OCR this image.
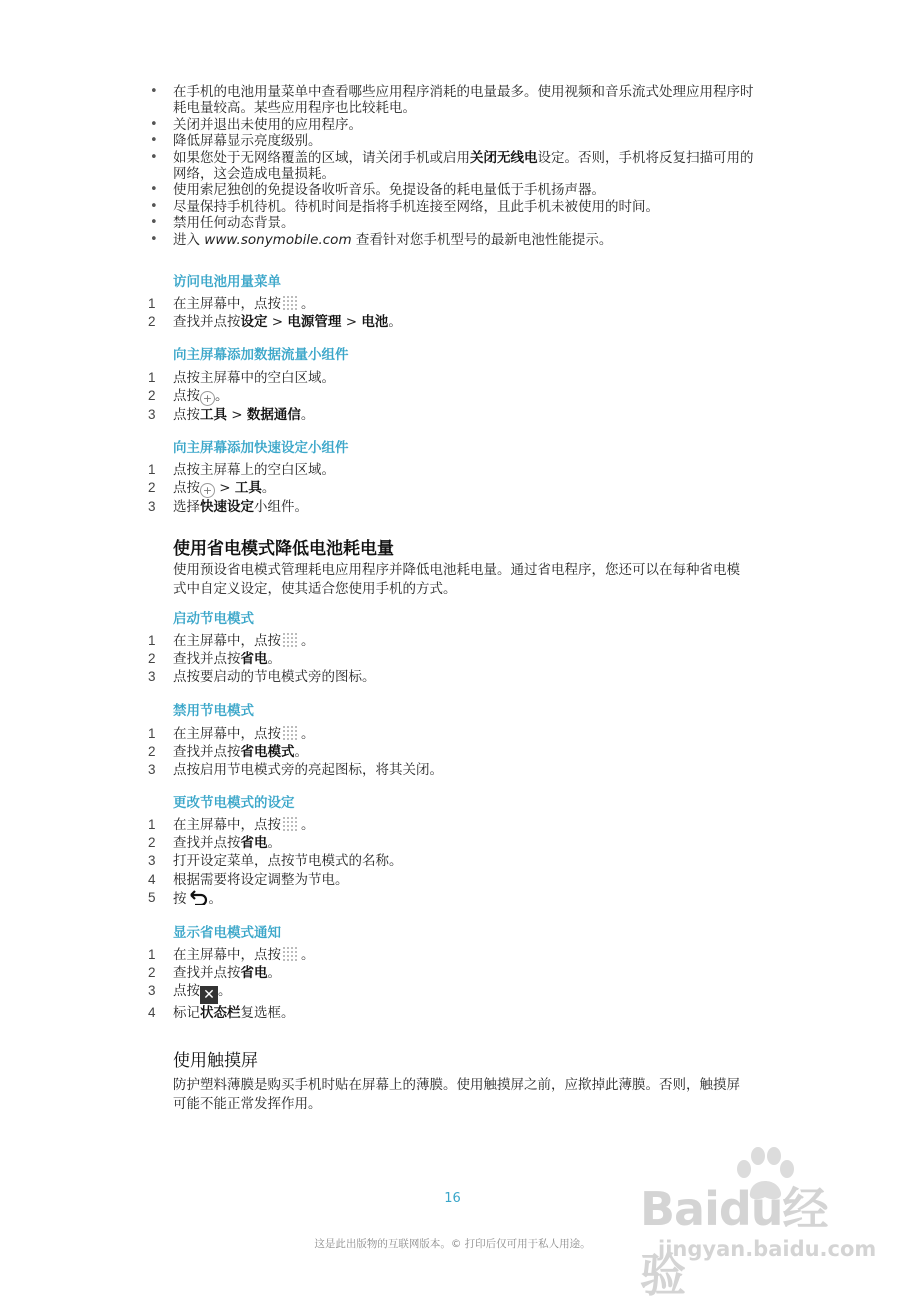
• 在手机的电池用量菜单中查看哪些应用程序消耗的电量最多。使用视频和音乐流式处理应用程序时耗电量较高。某些应用程序也比较耗电。
• 关闭并退出未使用的应用程序。
• 降低屏幕显示亮度级别。
• 如果您处于无网络覆盖的区域，请关闭手机或启用关闭无线电设定。否则，手机将反复扫描可用的网络，这会造成电量损耗。
• 使用索尼独创的免提设备收听音乐。免提设备的耗电量低于手机扬声器。
• 尽量保持手机待机。待机时间是指将手机连接至网络，且此手机未被使用的时间。
• 禁用任何动态背景。
• 进入 www.sonymobile.com 查看针对您手机型号的最新电池性能提示。
访问电池用量菜单
1	在主屏幕中，点按 。
2	查找并点按设定 > 电源管理 > 电池。
向主屏幕添加数据流量小组件
1	点按主屏幕中的空白区域。
2	点按 + 。
3	点按工具 > 数据通信。
向主屏幕添加快速设定小组件
1	点按主屏幕上的空白区域。
2	点按 + > 工具。
3	选择快速设定小组件。
使用省电模式降低电池耗电量
使用预设省电模式管理耗电应用程序并降低电池耗电量。通过省电程序，您还可以在每种省电模式中自定义设定，使其适合您使用手机的方式。
启动节电模式
1	在主屏幕中，点按 。
2	查找并点按省电。
3	点按要启动的节电模式旁的图标。
禁用节电模式
1	在主屏幕中，点按 。
2	查找并点按省电模式。
3	点按启用节电模式旁的亮起图标，将其关闭。
更改节电模式的设定
1	在主屏幕中，点按 。
2	查找并点按省电。
3	打开设定菜单，点按节电模式的名称。
4	根据需要将设定调整为节电。
5	按 。
显示省电模式通知
1	在主屏幕中，点按 。
2	查找并点按省电。
3	点按 ✕ 。
4	标记状态栏复选框。
使用触摸屏
防护塑料薄膜是购买手机时贴在屏幕上的薄膜。使用触摸屏之前，应揿掉此薄膜。否则，触摸屏可能不能正常发挥作用。
16
这是此出版物的互联网版本。© 打印后仅可用于私人用途。
Baidu经验
jingyan.baidu.com
